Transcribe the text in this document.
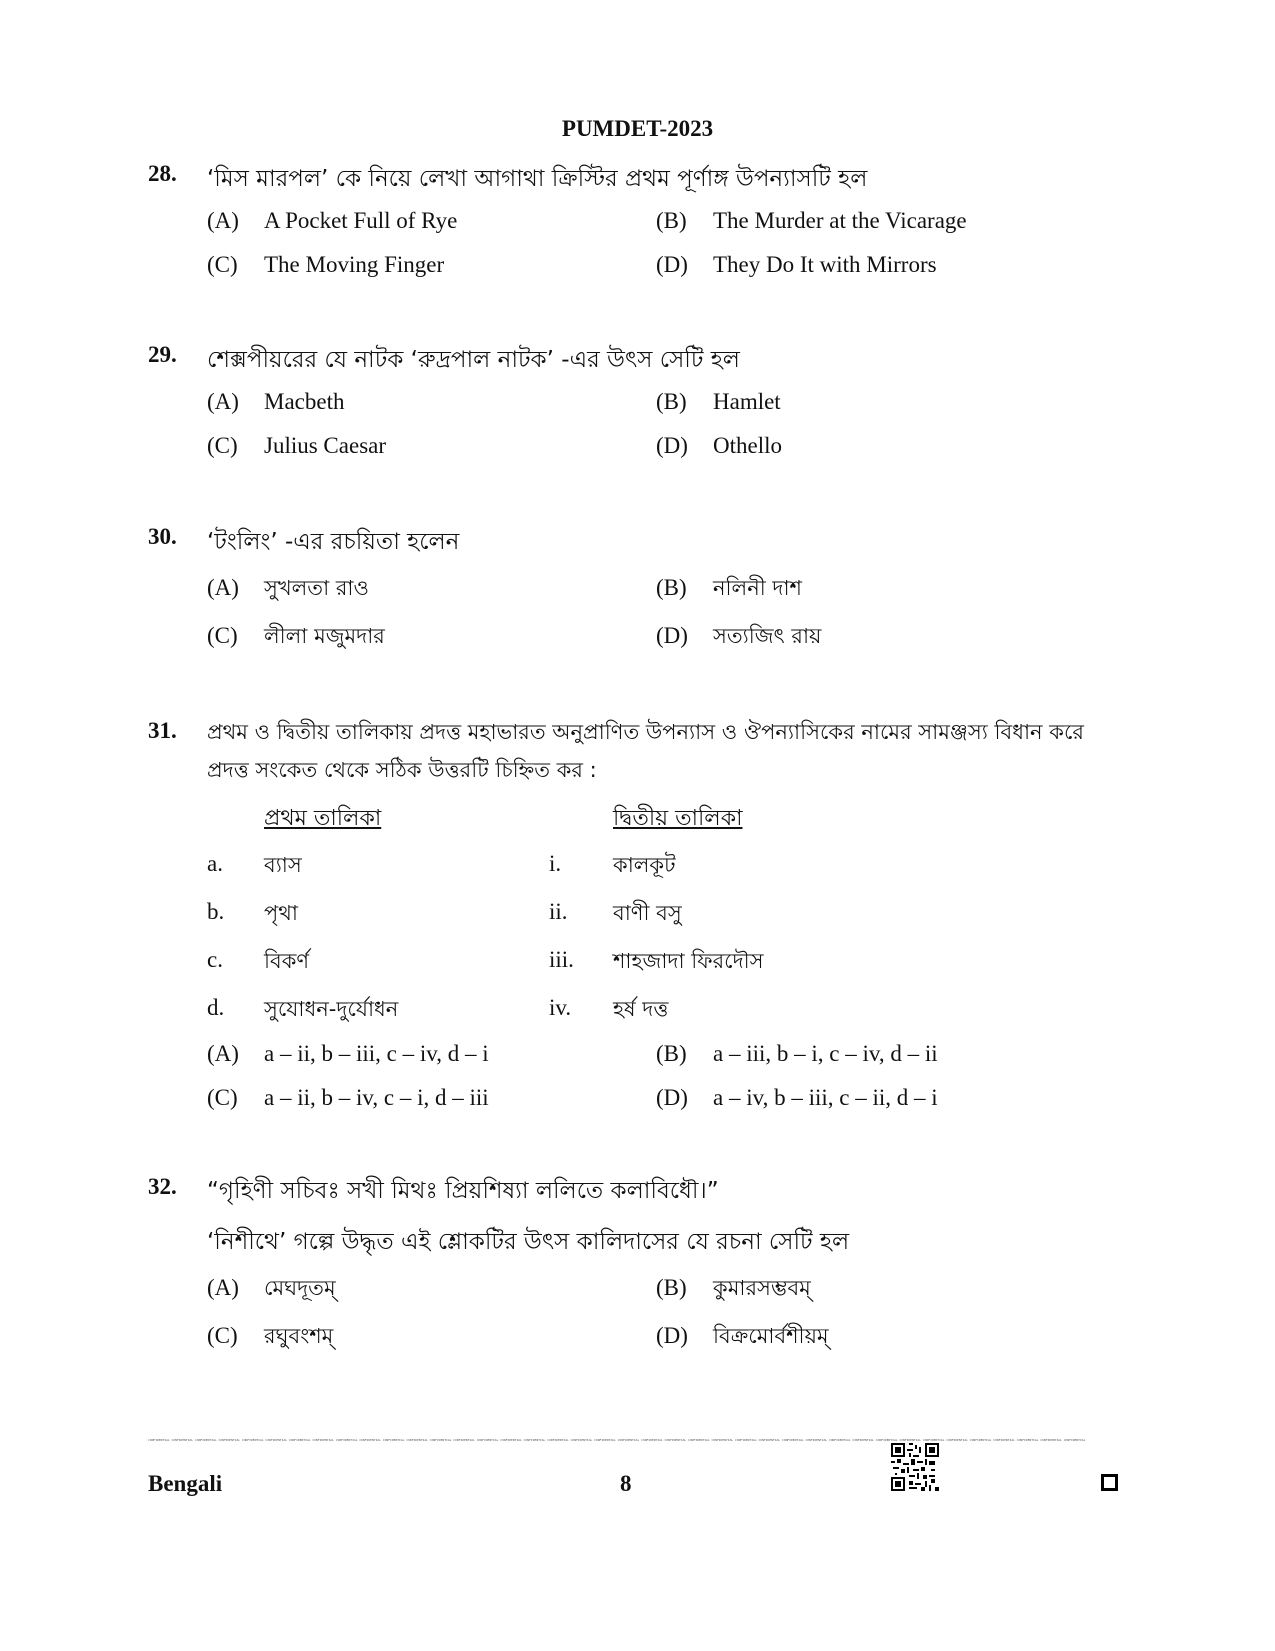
PUMDET-2023
28. ‘মিস মারপল’ কে নিয়ে লেখা আগাথা ক্রিস্টির প্রথম পূর্ণাঙ্গ উপন্যাসটি হল
(A) A Pocket Full of Rye	(B) The Murder at the Vicarage
(C) The Moving Finger	(D) They Do It with Mirrors
29. শেক্সপীয়রের যে নাটক ‘রুদ্রপাল নাটক’ -এর উৎস সেটি হল
(A) Macbeth	(B) Hamlet
(C) Julius Caesar	(D) Othello
30. ‘টংলিং’ -এর রচয়িতা হলেন
(A) সুখলতা রাও	(B) নলিনী দাশ
(C) লীলা মজুমদার	(D) সত্যজিৎ রায়
31. প্রথম ও দ্বিতীয় তালিকায় প্রদত্ত মহাভারত অনুপ্রাণিত উপন্যাস ও ঔপন্যাসিকের নামের সামঞ্জস্য বিধান করে
প্রদত্ত সংকেত থেকে সঠিক উত্তরটি চিহ্নিত কর :
প্রথম তালিকা	দ্বিতীয় তালিকা
a. ব্যাস	i. কালকূট
b. পৃথা	ii. বাণী বসু
c. বিকর্ণ	iii. শাহজাদা ফিরদৌস
d. সুযোধন-দুর্যোধন	iv. হর্ষ দত্ত
(A) a – ii, b – iii, c – iv, d – i	(B) a – iii, b – i, c – iv, d – ii
(C) a – ii, b – iv, c – i, d – iii	(D) a – iv, b – iii, c – ii, d – i
32. “গৃহিণী সচিবঃ সখী মিথঃ প্রিয়শিষ্যা ললিতে কলাবিধৌ।”
‘নিশীথে’ গল্পে উদ্ধৃত এই শ্লোকটির উৎস কালিদাসের যে রচনা সেটি হল
(A) মেঘদূতম্	(B) কুমারসম্ভবম্
(C) রঘুবংশম্	(D) বিক্রমোর্বশীয়ম্
CONFIDENTIAL CONFIDENTIAL CONFIDENTIAL CONFIDENTIAL CONFIDENTIAL CONFIDENTIAL CONFIDENTIAL CONFIDENTIAL CONFIDENTIAL CONFIDENTIAL CONFIDENTIAL CONFIDENTIAL CONFIDENTIAL CONFIDENTIAL CONFIDENTIAL CONFIDENTIAL CONFIDENTIAL CONFIDENTIAL CONFIDENTIAL CONFIDENTIAL CONFIDENTIAL CONFIDENTIAL CONFIDENTIAL CONFIDENTIAL CONFIDENTIAL CONFIDENTIAL CONFIDENTIAL CONFIDENTIAL CONFIDENTIAL CONFIDENTIAL CONFIDENTIAL CONFIDENTIAL CONFIDENTIAL CONFIDENTIAL CONFIDENTIAL CONFIDENTIAL CONFIDENTIAL CONFIDENTIAL CONFIDENTIAL CONFIDENTIAL
Bengali	8
